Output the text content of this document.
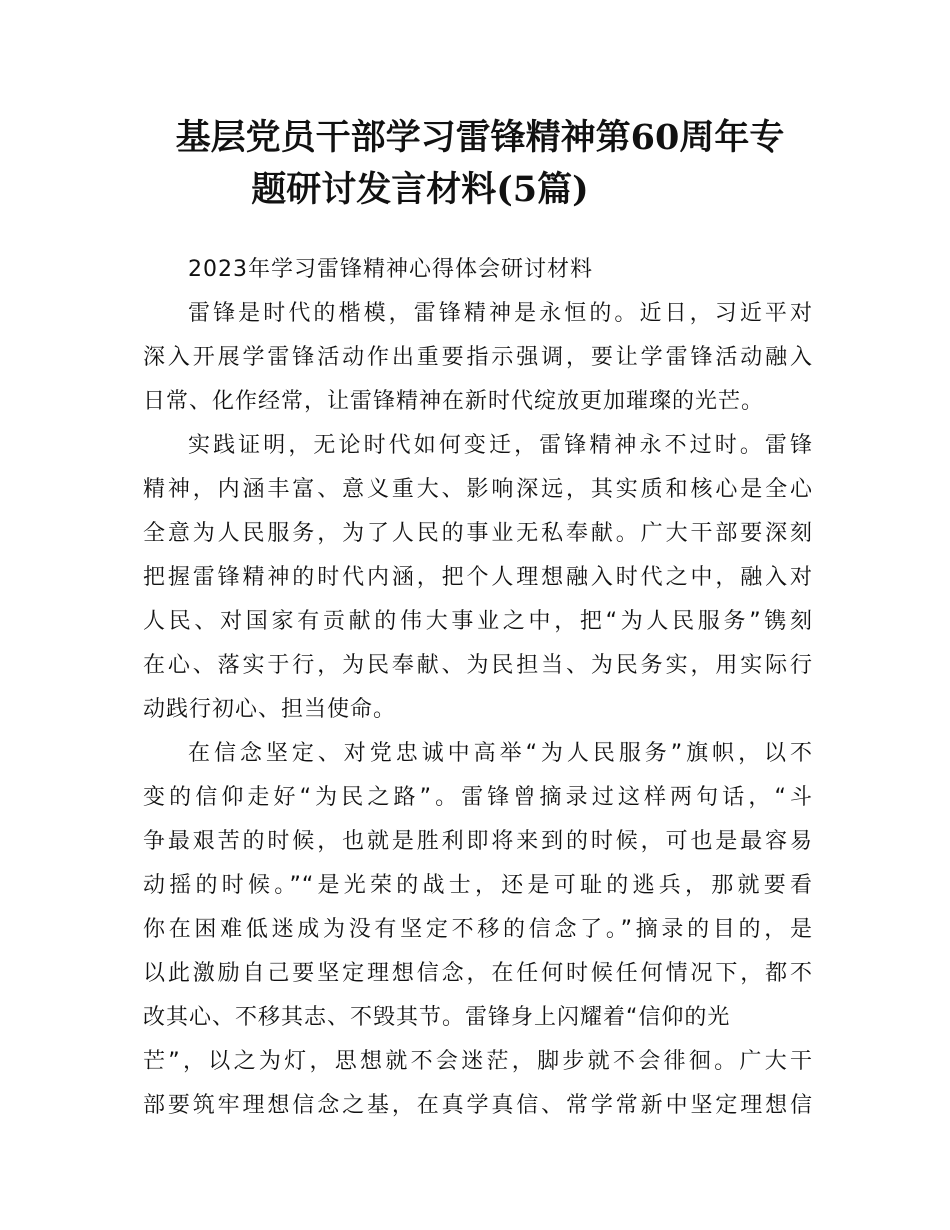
基层党员干部学习雷锋精神第60周年专
题研讨发言材料(5篇)

2023年学习雷锋精神心得体会研讨材料

雷锋是时代的楷模，雷锋精神是永恒的。近日，习近平对
深入开展学雷锋活动作出重要指示强调，要让学雷锋活动融入
日常、化作经常，让雷锋精神在新时代绽放更加璀璨的光芒。

实践证明，无论时代如何变迁，雷锋精神永不过时。雷锋
精神，内涵丰富、意义重大、影响深远，其实质和核心是全心
全意为人民服务，为了人民的事业无私奉献。广大干部要深刻
把握雷锋精神的时代内涵，把个人理想融入时代之中，融入对
人民、对国家有贡献的伟大事业之中，把“为人民服务”镌刻
在心、落实于行，为民奉献、为民担当、为民务实，用实际行
动践行初心、担当使命。

在信念坚定、对党忠诚中高举“为人民服务”旗帜，以不
变的信仰走好“为民之路”。雷锋曾摘录过这样两句话，“斗
争最艰苦的时候，也就是胜利即将来到的时候，可也是最容易
动摇的时候。”“是光荣的战士，还是可耻的逃兵，那就要看
你在困难低迷成为没有坚定不移的信念了。”摘录的目的，是
以此激励自己要坚定理想信念，在任何时候任何情况下，都不
改其心、不移其志、不毁其节。雷锋身上闪耀着“信仰的光
芒”，以之为灯，思想就不会迷茫，脚步就不会徘徊。广大干
部要筑牢理想信念之基，在真学真信、常学常新中坚定理想信
